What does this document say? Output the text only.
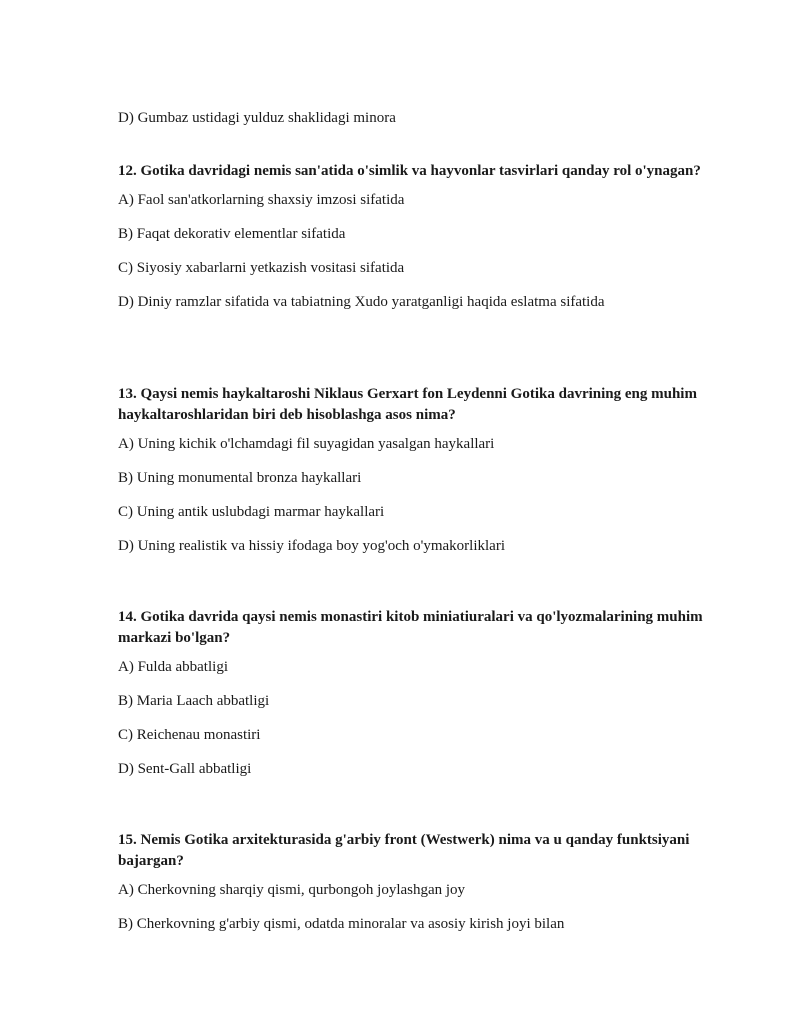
D) Gumbaz ustidagi yulduz shaklidagi minora

12. Gotika davridagi nemis san'atida o'simlik va hayvonlar tasvirlari qanday rol o'ynagan?

A) Faol san'atkorlarning shaxsiy imzosi sifatida

B) Faqat dekorativ elementlar sifatida

C) Siyosiy xabarlarni yetkazish vositasi sifatida

D) Diniy ramzlar sifatida va tabiatning Xudo yaratganligi haqida eslatma sifatida

13. Qaysi nemis haykaltaroshi Niklaus Gerxart fon Leydenni Gotika davrining eng muhim haykaltaroshlaridan biri deb hisoblashga asos nima?

A) Uning kichik o'lchamdagi fil suyagidan yasalgan haykallari

B) Uning monumental bronza haykallari

C) Uning antik uslubdagi marmar haykallari

D) Uning realistik va hissiy ifodaga boy yog'och o'ymakorliklari

14. Gotika davrida qaysi nemis monastiri kitob miniatiuralari va qo'lyozmalarining muhim markazi bo'lgan?

A) Fulda abbatligi

B) Maria Laach abbatligi

C) Reichenau monastiri

D) Sent-Gall abbatligi

15. Nemis Gotika arxitekturasida g'arbiy front (Westwerk) nima va u qanday funktsiyani bajargan?

A) Cherkovning sharqiy qismi, qurbongoh joylashgan joy

B) Cherkovning g'arbiy qismi, odatda minoralar va asosiy kirish joyi bilan
